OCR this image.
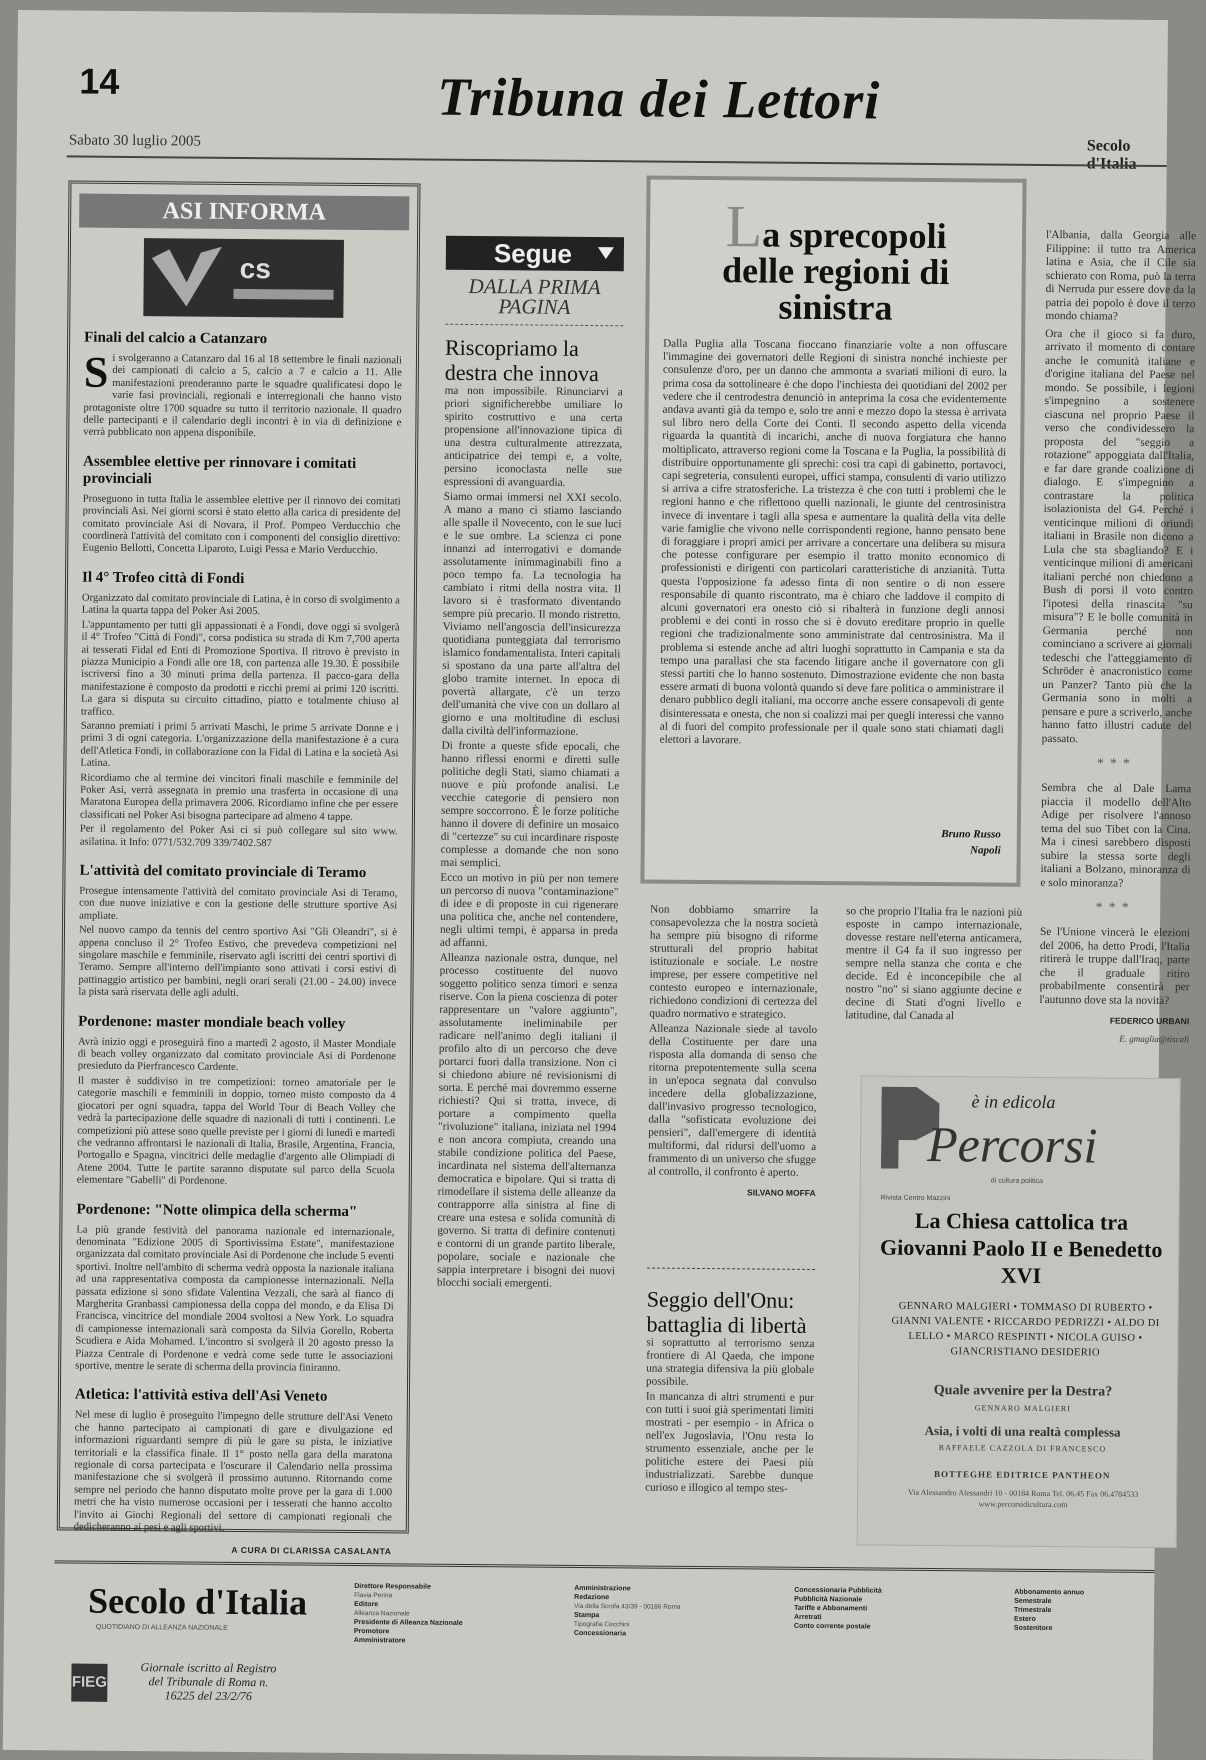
14	Tribuna dei Lettori
Sabato 30 luglio 2005	Secolo
ASI INFORMA
cs
Finali del calcio a Catanzaro

Si svolgeranno a Catanzaro dal 16 al 18 settembre le finali nazionali dei campionati di calcio a 5, calcio a 7 e calcio a 11. Alle manifestazioni prenderanno parte le squadre qualificatesi dopo le varie fasi provinciali, regionali e interregionali che hanno visto protagoniste oltre 1700 squadre su tutto il territorio nazionale. Il quadro delle partecipanti e il calendario degli incontri è in via di definizione e verrà pubblicato non appena disponibile.

Assemblee elettive per rinnovare i comitati provinciali

Proseguono in tutta Italia le assemblee elettive per il rinnovo dei comitati provinciali Asi. Nei giorni scorsi è stato eletto alla carica di presidente del comitato provinciale Asi di Novara, il Prof. Pompeo Verducchio che coordinerà l'attività del comitato con i componenti del consiglio direttivo: Eugenio Bellotti, Concetta Liparoto, Luigi Pessa e Mario Verducchio.

Il 4° Trofeo città di Fondi

Organizzato dal comitato provinciale di Latina, è in corso di svolgimento a Latina la quarta tappa del Poker Asi 2005.

L'appuntamento per tutti gli appassionati è a Fondi, dove oggi si svolgerà il 4° Trofeo "Città di Fondi", corsa podistica su strada di Km 7,700 aperta ai tesserati Fidal ed Enti di Promozione Sportiva. Il ritrovo è previsto in piazza Municipio a Fondi alle ore 18, con partenza alle 19.30. È possibile iscriversi fino a 30 minuti prima della partenza. Il pacco-gara della manifestazione è composto da prodotti e ricchi premi ai primi 120 iscritti. La gara si disputa su circuito cittadino, piatto e totalmente chiuso al traffico.

Saranno premiati i primi 5 arrivati Maschi, le prime 5 arrivate Donne e i primi 3 di ogni categoria. L'organizzazione della manifestazione è a cura dell'Atletica Fondi, in collaborazione con la Fidal di Latina e la società Asi Latina.

Ricordiamo che al termine dei vincitori finali maschile e femminile del Poker Asi, verrà assegnata in premio una trasferta in occasione di una Maratona Europea della primavera 2006. Ricordiamo infine che per essere classificati nel Poker Asi bisogna partecipare ad almeno 4 tappe.

Per il regolamento del Poker Asi ci si può collegare sul sito www. asilatina. it Info: 0771/532.709 339/7402.587

L'attività del comitato provinciale di Teramo

Prosegue intensamente l'attività del comitato provinciale Asi di Teramo, con due nuove iniziative e con la gestione delle strutture sportive Asi ampliate.

Nel nuovo campo da tennis del centro sportivo Asi "Gli Oleandri", si è appena concluso il 2° Trofeo Estivo, che prevedeva competizioni nel singolare maschile e femminile, riservato agli iscritti dei centri sportivi di Teramo. Sempre all'interno dell'impianto sono attivati i corsi estivi di pattinaggio artistico per bambini, negli orari serali (21.00 - 24.00) invece la pista sarà riservata delle agli adulti.

Pordenone: master mondiale beach volley

Avrà inizio oggi e proseguirà fino a martedì 2 agosto, il Master Mondiale di beach volley organizzato dal comitato provinciale Asi di Pordenone presieduto da Pierfrancesco Cardente.

Il master è suddiviso in tre competizioni: torneo amatoriale per le categorie maschili e femminili in doppio, torneo misto composto da 4 giocatori per ogni squadra, tappa del World Tour di Beach Volley che vedrà la partecipazione delle squadre di nazionali di tutti i continenti. Le competizioni più attese sono quelle previste per i giorni di lunedì e martedì che vedranno affrontarsi le nazionali di Italia, Brasile, Argentina, Francia, Portogallo e Spagna, vincitrici delle medaglie d'argento alle Olimpiadi di Atene 2004. Tutte le partite saranno disputate sul parco della Scuola elementare "Gabelli" di Pordenone.

Pordenone: "Notte olimpica della scherma"

La più grande festività del panorama nazionale ed internazionale, denominata "Edizione 2005 di Sportivissima Estate", manifestazione organizzata dal comitato provinciale Asi di Pordenone che include 5 eventi sportivi. Inoltre nell'ambito di scherma vedrà opposta la nazionale italiana ad una rappresentativa composta da campionesse internazionali. Nella passata edizione si sono sfidate Valentina Vezzali, che sarà al fianco di Margherita Granbassi campionessa della coppa del mondo, e da Elisa Di Francisca, vincitrice del mondiale 2004 svoltosi a New York. Lo squadra di campionesse internazionali sarà composta da Silvia Gorello, Roberta Scudiera e Aida Mohamed. L'incontro si svolgerà il 20 agosto presso la Piazza Centrale di Pordenone e vedrà come sede tutte le associazioni sportive, mentre le serate di scherma della provincia finiranno.

Atletica: l'attività estiva dell'Asi Veneto

Nel mese di luglio è proseguito l'impegno delle strutture dell'Asi Veneto che hanno partecipato ai campionati di gare e divulgazione ed informazioni riguardanti sempre di più le gare su pista, le iniziative territoriali e la classifica finale. Il 1° posto nella gara della maratona regionale di corsa partecipata e l'oscurare il Calendario nella prossima manifestazione che si svolgerà il prossimo autunno. Ritornando come sempre nel periodo che hanno disputato molte prove per la gara di 1.000 metri che ha visto numerose occasioni per i tesserati che hanno accolto l'invito ai Giochi Regionali del settore di campionati regionali che dedicheranno ai pesi e agli sportivi.

A CURA DI CLARISSA CASALANTA
Segue
DALLA PRIMA PAGINA
Riscopriamo la destra che innova

ma non impossibile. Rinunciarvi a priori significherebbe umiliare lo spirito costruttivo e una certa propensione all'innovazione tipica di una destra culturalmente attrezzata, anticipatrice dei tempi e, a volte, persino iconoclasta nelle sue espressioni di avanguardia.

Siamo ormai immersi nel XXI secolo. A mano a mano ci stiamo lasciando alle spalle il Novecento, con le sue luci e le sue ombre. La scienza ci pone innanzi ad interrogativi e domande assolutamente inimmaginabili fino a poco tempo fa. La tecnologia ha cambiato i ritmi della nostra vita. Il lavoro si è trasformato diventando sempre più precario. Il mondo ristretto. Viviamo nell'angoscia dell'insicurezza quotidiana punteggiata dal terrorismo islamico fondamentalista. Interi capitali si spostano da una parte all'altra del globo tramite internet. In epoca di povertà allargate, c'è un terzo dell'umanità che vive con un dollaro al giorno e una moltitudine di esclusi dalla civiltà dell'informazione.

Di fronte a queste sfide epocali, che hanno riflessi enormi e diretti sulle politiche degli Stati, siamo chiamati a nuove e più profonde analisi. Le vecchie categorie di pensiero non sempre soccorrono. È le forze politiche hanno il dovere di definire un mosaico di "certezze" su cui incardinare risposte complesse a domande che non sono mai semplici.

Ecco un motivo in più per non temere un percorso di nuova "contaminazione" di idee e di proposte in cui rigenerare una politica che, anche nel contendere, negli ultimi tempi, è apparsa in preda ad affanni.

Alleanza nazionale ostra, dunque, nel processo costituente del nuovo soggetto politico senza timori e senza riserve. Con la piena coscienza di poter rappresentare un "valore aggiunto", assolutamente ineliminabile per radicare nell'animo degli italiani il profilo alto di un percorso che deve portarci fuori dalla transizione. Non ci si chiedono abiure né revisionismi di sorta. E perché mai dovremmo esserne richiesti? Qui si tratta, invece, di portare a compimento quella "rivoluzione" italiana, iniziata nel 1994 e non ancora compiuta, creando una stabile condizione politica del Paese, incardinata nel sistema dell'alternanza democratica e bipolare. Qui si tratta di rimodellare il sistema delle alleanze da contrapporre alla sinistra al fine di creare una estesa e solida comunità di governo. Si tratta di definire contenuti e contorni di un grande partito liberale, popolare, sociale e nazionale che sappia interpretare i bisogni dei nuovi blocchi sociali emergenti.

La sprecopoli
delle regioni di sinistra

Dalla Puglia alla Toscana fioccano finanziarie volte a non offuscare l'immagine dei governatori delle Regioni di sinistra nonché inchieste per consulenze d'oro, per un danno che ammonta a svariati milioni di euro. la prima cosa da sottolineare è che dopo l'inchiesta dei quotidiani del 2002 per vedere che il centrodestra denunciò in anteprima la cosa che evidentemente andava avanti già da tempo e, solo tre anni e mezzo dopo la stessa è arrivata sul libro nero della Corte dei Conti. Il secondo aspetto della vicenda riguarda la quantità di incarichi, anche di nuova forgiatura che hanno moltiplicato, attraverso regioni come la Toscana e la Puglia, la possibilità di distribuire opportunamente gli sprechi: così tra capi di gabinetto, portavoci, capi segreteria, consulenti europei, uffici stampa, consulenti di vario utilizzo si arriva a cifre stratosferiche. La tristezza è che con tutti i problemi che le regioni hanno e che riflettono quelli nazionali, le giunte del centrosinistra invece di inventare i tagli alla spesa e aumentare la qualità della vita delle varie famiglie che vivono nelle corrispondenti regione, hanno pensato bene di foraggiare i propri amici per arrivare a concertare una delibera su misura che potesse configurare per esempio il tratto monito economico di professionisti e dirigenti con particolari caratteristiche di anzianità. Tutta questa l'opposizione fa adesso finta di non sentire o di non essere responsabile di quanto riscontrato, ma è chiaro che laddove il compito di alcuni governatori era onesto ciò si ribalterà in funzione degli annosi problemi e dei conti in rosso che si è dovuto ereditare proprio in quelle regioni che tradizionalmente sono amministrate dal centrosinistra. Ma il problema si estende anche ad altri luoghi soprattutto in Campania e sta da tempo una parallasi che sta facendo litigare anche il governatore con gli stessi partiti che lo hanno sostenuto. Dimostrazione evidente che non basta essere armati di buona volontà quando si deve fare politica o amministrare il denaro pubblico degli italiani, ma occorre anche essere consapevoli di gente disinteressata e onesta, che non si coalizzi mai per quegli interessi che vanno al di fuori del compito professionale per il quale sono stati chiamati dagli elettori a lavorare.

Bruno Russo
Napoli

Non dobbiamo smarrire la consapevolezza che la nostra società ha sempre più bisogno di riforme strutturali del proprio habitat istituzionale e sociale. Le nostre imprese, per essere competitive nel contesto europeo e internazionale, richiedono condizioni di certezza del quadro normativo e strategico.

Alleanza Nazionale siede al tavolo della Costituente per dare una risposta alla domanda di senso che ritorna prepotentemente sulla scena in un'epoca segnata dal convulso incedere della globalizzazione, dall'invasivo progresso tecnologico, dalla "sofisticata evoluzione dei pensieri", dall'emergere di identità multiformi, dal ridursi dell'uomo a frammento di un universo che sfugge al controllo, il confronto è aperto.

SILVANO MOFFA

so che proprio l'Italia fra le nazioni più esposte in campo internazionale, dovesse restare nell'eterna anticamera, mentre il G4 fa il suo ingresso per sempre nella stanza che conta e che decide. Ed è inconcepibile che al nostro "no" si siano aggiunte decine e decine di Stati d'ogni livello e latitudine, dal Canada al

Seggio dell'Onu: battaglia di libertà

si soprattutto al terrorismo senza frontiere di Al Qaeda, che impone una strategia difensiva la più globale possibile.

In mancanza di altri strumenti e pur con tutti i suoi già sperimentati limiti mostrati - per esempio - in Africa o nell'ex Jugoslavia, l'Onu resta lo strumento essenziale, anche per le politiche estere dei Paesi più industrializzati. Sarebbe dunque curioso e illogico al tempo stes-

l'Albania, dalla Georgia alle Filippine: il tutto tra America latina e Asia, che il Cile sia schierato con Roma, può la terra di Nerruda pur essere dove da la patria dei popolo è dove il terzo mondo chiama?

Ora che il gioco si fa duro, arrivato il momento di contare anche le comunità italiane e d'origine italiana del Paese nel mondo. Se possibile, i legioni s'impegnino a sostenere ciascuna nel proprio Paese il verso che condividessero la proposta del "seggio a rotazione" appoggiata dall'Italia, e far dare grande coalizione di dialogo. E s'impegnino a contrastare la politica isolazionista del G4. Perché i venticinque milioni di oriundi italiani in Brasile non dicono a Lula che sta sbagliando? E i venticinque milioni di americani italiani perché non chiedono a Bush di porsi il voto contro l'ipotesi della rinascita "su misura"? E le bolle comunità in Germania perché non cominciano a scrivere ai giornali tedeschi che l'atteggiamento di Schröder è anacronistico come un Panzer? Tanto più che la Germania sono in molti a pensare e pure a scriverlo, anche hanno fatto illustri cadute del passato.

***

Sembra che al Dale Lama piaccia il modello dell'Alto Adige per risolvere l'annoso tema del suo Tibet con la Cina. Ma i cinesi sarebbero disposti subire la stessa sorte degli italiani a Bolzano, minoranza di e solo minoranza?

***

Se l'Unione vincerà le elezioni del 2006, ha detto Prodi, l'Italia ritirerà le truppe dall'Iraq, parte che il graduale ritiro probabilmente consentirà per l'autunno dove sta la novità?

FEDERICO URBANI
E. gmaglia@tiscali
è in edicola
Percorsi
di cultura politica
Rivista Centro Mazzini
La Chiesa cattolica tra Giovanni Paolo II e Benedetto XVI
GENNARO MALGIERI • TOMMASO DI RUBERTO • GIANNI VALENTE • RICCARDO PEDRIZZI • ALDO DI LELLO • MARCO RESPINTI • NICOLA GUISO • GIANCRISTIANO DESIDERIO
Quale avvenire per la Destra?
GENNARO MALGIERI
Asia, i volti di una realtà complessa
RAFFAELE CAZZOLA DI FRANCESCO
BOTTEGHE EDITRICE PANTHEON
Via Alessandro Alessandri 10 - 00184 Roma Tel. 06.45 Fax 06.4784533 www.percorsidicultura.com
Secolo d'Italia
QUOTIDIANO DI ALLEANZA NAZIONALE
FIEG
Giornale iscritto al Registro del Tribunale di Roma n. 16225 del 23/2/76
Direttore Responsabile
Flavia Perina
Editore
Alleanza Nazionale
Presidente di Alleanza Nazionale
Promotore
Amministratore
Amministrazione
Redazione
Via della Scrofa 43/39 - 00186 Roma
Stampa
Tipografia Cecchini
Concessionaria
Concessionaria Pubblicità
Pubblicità Nazionale
Tariffe e Abbonamenti
Arretrati
Conto corrente postale
Abbonamento annuo
Semestrale
Trimestrale
Estero
Sostenitore
